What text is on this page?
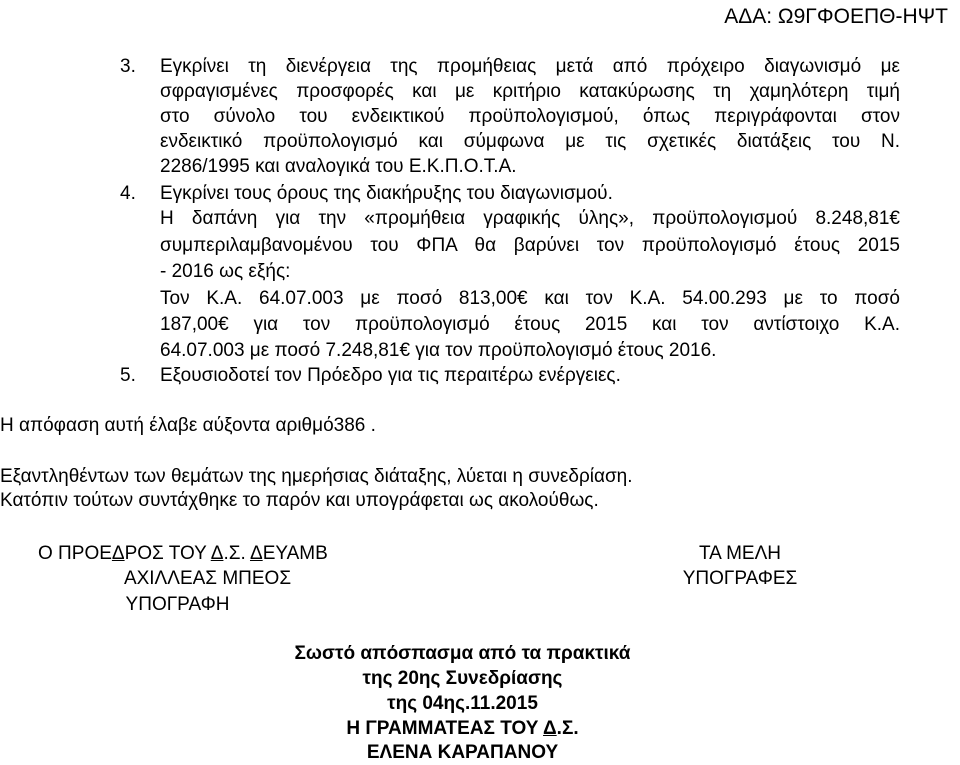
ΑΔΑ: Ω9ΓΦΟΕΠΘ-ΗΨΤ
3. Εγκρίνει τη διενέργεια της προμήθειας μετά από πρόχειρο διαγωνισμό με
σφραγισμένες προσφορές και με κριτήριο κατακύρωσης τη χαμηλότερη τιμή
στο σύνολο του ενδεικτικού προϋπολογισμού, όπως περιγράφονται στον
ενδεικτικό προϋπολογισμό και σύμφωνα με τις σχετικές διατάξεις του Ν.
2286/1995 και αναλογικά του Ε.Κ.Π.Ο.Τ.Α.
4. Εγκρίνει τους όρους της διακήρυξης του διαγωνισμού.
Η δαπάνη για την «προμήθεια γραφικής ύλης», προϋπολογισμού 8.248,81€
συμπεριλαμβανομένου του ΦΠΑ θα βαρύνει τον προϋπολογισμό έτους 2015
- 2016 ως εξής:
Τον Κ.Α. 64.07.003 με ποσό 813,00€ και τον Κ.Α. 54.00.293 με το ποσό
187,00€ για τον προϋπολογισμό έτους 2015 και τον αντίστοιχο Κ.Α.
64.07.003 με ποσό 7.248,81€ για τον προϋπολογισμό έτους 2016.
5. Εξουσιοδοτεί τον Πρόεδρο για τις περαιτέρω ενέργειες.
Η απόφαση αυτή έλαβε αύξοντα αριθμό386 .
Εξαντληθέντων των θεμάτων της ημερήσιας διάταξης, λύεται η συνεδρίαση.
Κατόπιν τούτων συντάχθηκε το παρόν και υπογράφεται ως ακολούθως.
Ο ΠΡΟΕΔΡΟΣ ΤΟΥ Δ.Σ. ΔΕΥΑΜΒ
ΑΧΙΛΛΕΑΣ ΜΠΕΟΣ
ΥΠΟΓΡΑΦΗ
ΤΑ ΜΕΛΗ
ΥΠΟΓΡΑΦΕΣ
Σωστό απόσπασμα από τα πρακτικά
της 20ης Συνεδρίασης
της 04ης.11.2015
Η ΓΡΑΜΜΑΤΕΑΣ ΤΟΥ Δ.Σ.
ΕΛΕΝΑ ΚΑΡΑΠΑΝΟΥ
